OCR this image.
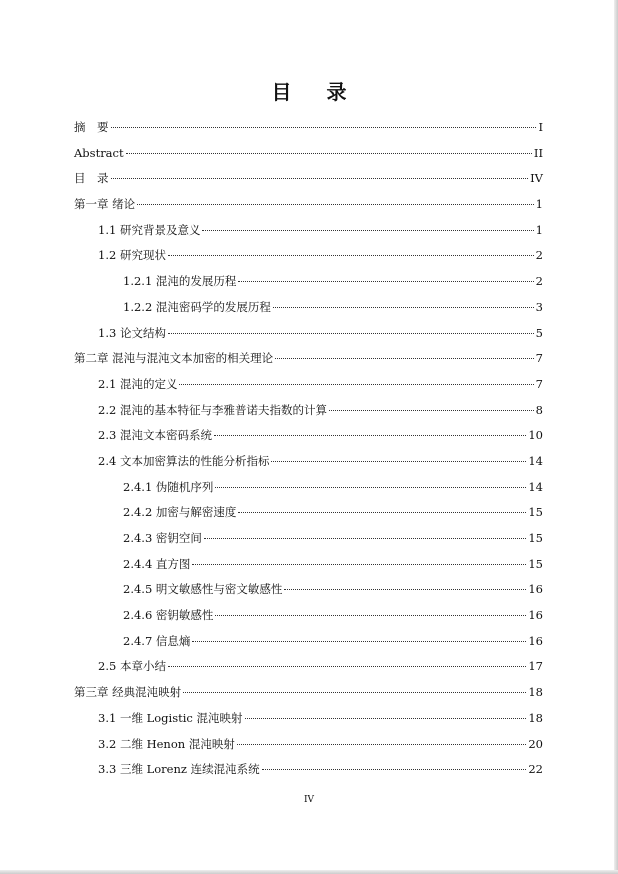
目 录
摘　要	I
Abstract	II
目　录	IV
第一章 绪论	1
1.1 研究背景及意义	1
1.2 研究现状	2
1.2.1 混沌的发展历程	2
1.2.2 混沌密码学的发展历程	3
1.3 论文结构	5
第二章 混沌与混沌文本加密的相关理论	7
2.1 混沌的定义	7
2.2 混沌的基本特征与李雅普诺夫指数的计算	8
2.3 混沌文本密码系统	10
2.4 文本加密算法的性能分析指标	14
2.4.1 伪随机序列	14
2.4.2 加密与解密速度	15
2.4.3 密钥空间	15
2.4.4 直方图	15
2.4.5 明文敏感性与密文敏感性	16
2.4.6 密钥敏感性	16
2.4.7 信息熵	16
2.5 本章小结	17
第三章 经典混沌映射	18
3.1 一维 Logistic 混沌映射	18
3.2 二维 Henon 混沌映射	20
3.3 三维 Lorenz 连续混沌系统	22
IV
